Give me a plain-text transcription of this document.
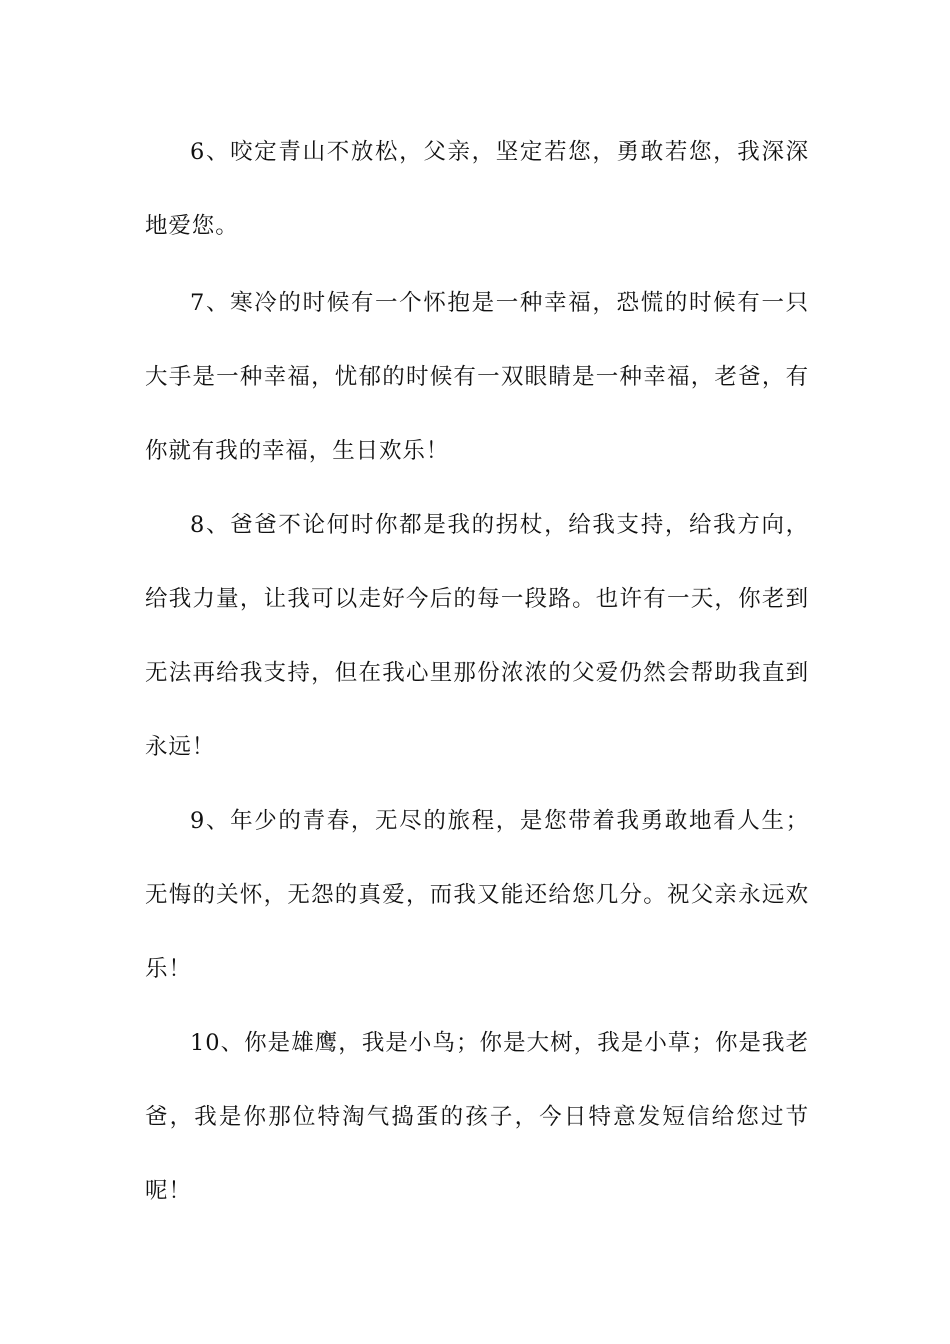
6、咬定青山不放松，父亲，坚定若您，勇敢若您，我深深地爱您。

7、寒冷的时候有一个怀抱是一种幸福，恐慌的时候有一只大手是一种幸福，忧郁的时候有一双眼睛是一种幸福，老爸，有你就有我的幸福，生日欢乐！

8、爸爸不论何时你都是我的拐杖，给我支持，给我方向，给我力量，让我可以走好今后的每一段路。也许有一天，你老到无法再给我支持，但在我心里那份浓浓的父爱仍然会帮助我直到永远！

9、年少的青春，无尽的旅程，是您带着我勇敢地看人生；无悔的关怀，无怨的真爱，而我又能还给您几分。祝父亲永远欢乐！

10、你是雄鹰，我是小鸟；你是大树，我是小草；你是我老爸，我是你那位特淘气捣蛋的孩子，今日特意发短信给您过节呢！
